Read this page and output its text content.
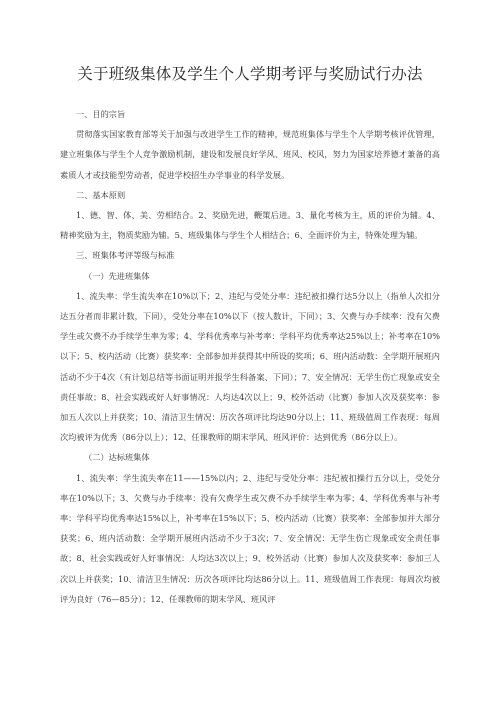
关于班级集体及学生个人学期考评与奖励试行办法

一、目的宗旨

贯彻落实国家教育部等关于加强与改进学生工作的精神，规范班集体与学生个人学期考核评优管理，建立班集体与学生个人竞争激励机制，建设和发展良好学风、班风、校风，努力为国家培养德才兼备的高素质人才或技能型劳动者，促进学校招生办学事业的科学发展。

二、基本原则

1、德、智、体、美、劳相结合。2、奖励先进，鞭策后进。3、量化考核为主，质的评价为辅。4、精神奖励为主，物质奖励为辅。5、班级集体与学生个人相结合；6、全面评价为主，特殊处理为辅。

三、班集体考评等级与标准

（一）先进班集体

1、流失率：学生流失率在10%以下；2、违纪与受处分率：违纪被扣操行达5分以上（指单人次扣分达五分者而非累计数，下同），受处分率在10%以下（按人数计，下同）；3、欠费与办手续率：没有欠费学生或欠费不办手续学生率为零；4、学科优秀率与补考率：学科平均优秀率达25%以上；补考率在10%以下；5、校内活动（比赛）获奖率：全部参加并获得其中所设的奖项；6、班内活动数：全学期开展班内活动不少于4次（有计划总结等书面证明并报学生科备案、下同）；7、安全情况：无学生伤亡现象或安全责任事故；8、社会实践或好人好事情况：人均达4次以上；9、校外活动（比赛）参加人次及获奖率：参加五人次以上并获奖；10、清洁卫生情况：历次各项评比均达90分以上；11、班级值周工作表现：每周次均被评为优秀（86分以上）；12、任课教师的期末学风、班风评价：达到优秀（86分以上）。

（二）达标班集体

1、流失率：学生流失率在11——15%以内；2、违纪与受处分率：违纪被扣操行五分以上，受处分率在10%以下；3、欠费与办手续率：没有欠费学生或欠费不办手续学生率为零；4、学科优秀率与补考率：学科平均优秀率达15%以上，补考率在15%以下；5、校内活动（比赛）获奖率：全部参加并大部分获奖；6、班内活动数：全学期开展班内活动不少于3次；7、安全情况：无学生伤亡现象或安全责任事故；8、社会实践或好人好事情况：人均达3次以上；9、校外活动（比赛）参加人次及获奖率：参加三人次以上并获奖；10、清洁卫生情况：历次各项评比均达86分以上。11、班级值周工作表现：每周次均被评为良好（76—85分）；12、任课教师的期末学风、班风评
